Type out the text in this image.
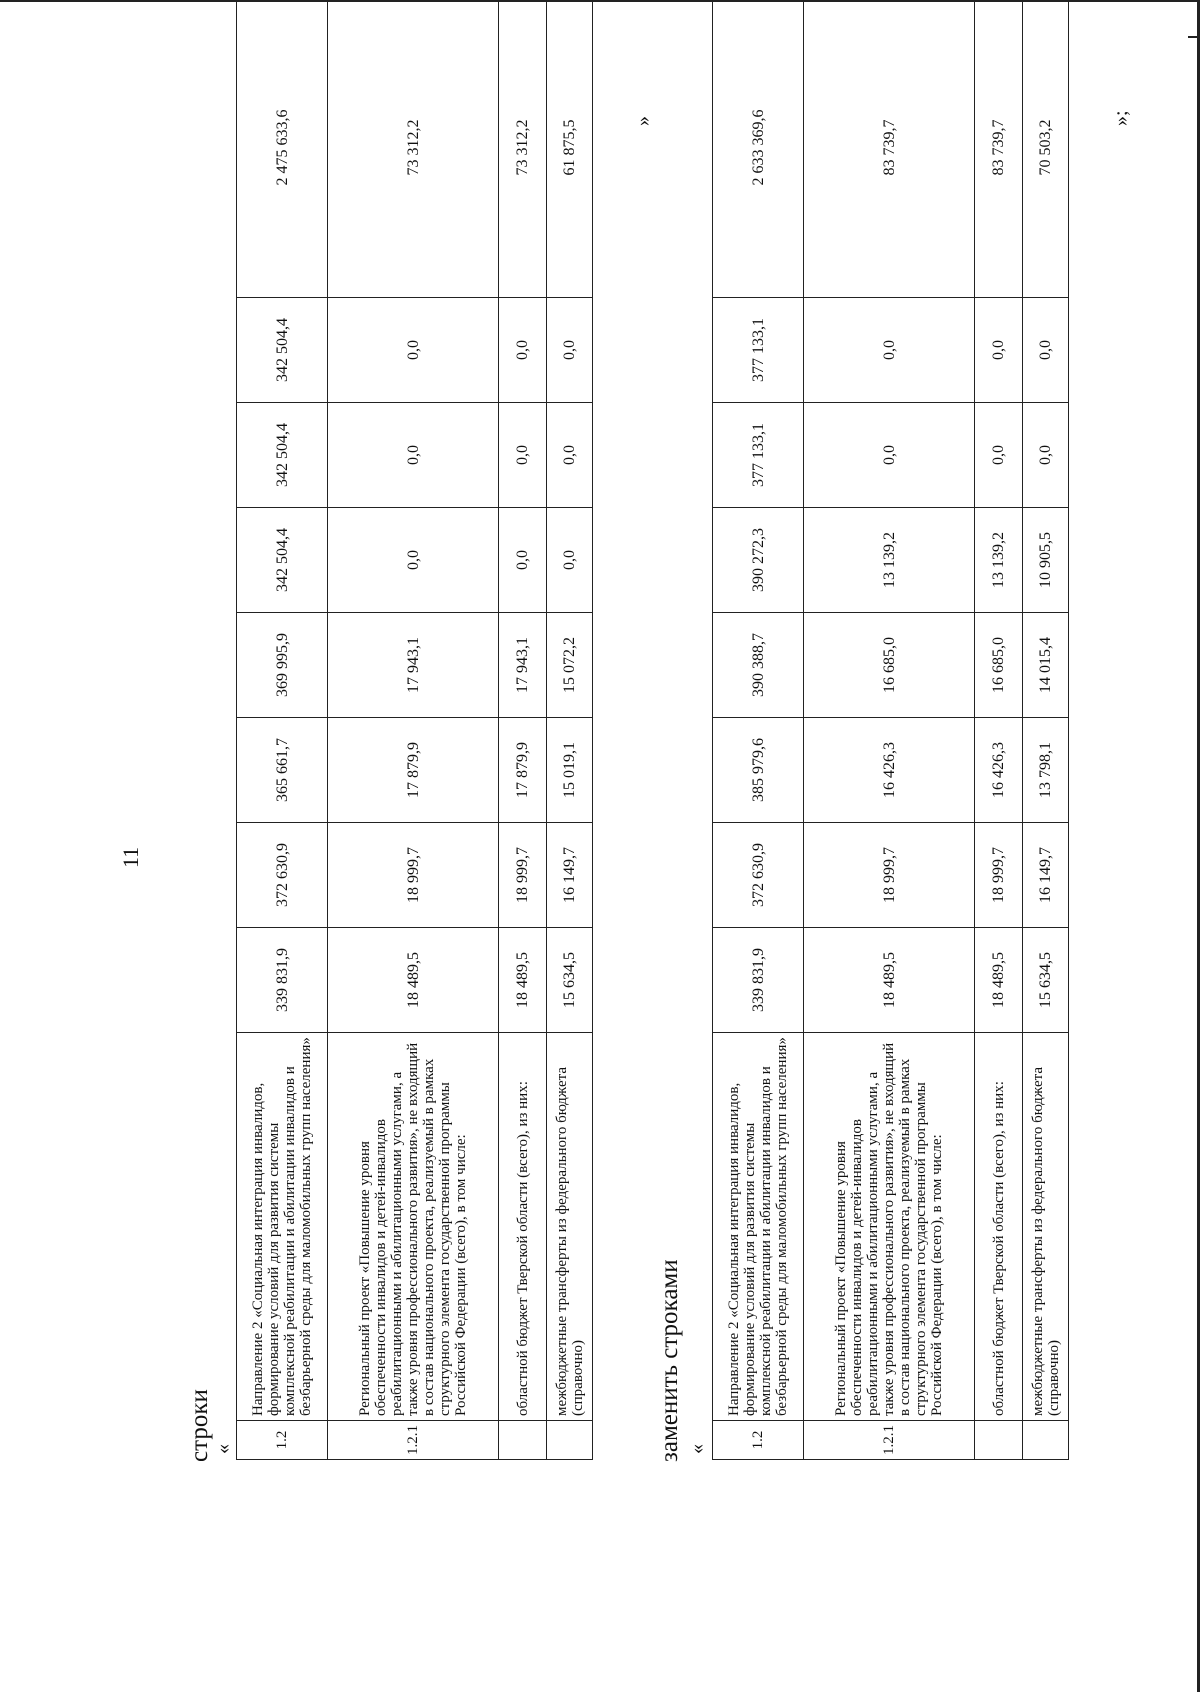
11
строки «	1.2	Направление 2 «Социальная интеграция инвалидов, формирование условий для развития системы комплексной реабилитации и абилитации инвалидов и безбарьерной среды для маломобильных групп населения»	339 831,9	372 630,9	365 661,7	369 995,9	342 504,4	342 504,4	342 504,4	2 475 633,6
1.2.1	Региональный проект «Повышение уровня обеспеченности инвалидов и детей-инвалидов реабилитационными и абилитационными услугами, а также уровня профессионального развития», не входящий в состав национального проекта, реализуемый в рамках структурного элемента государственной программы Российской Федерации (всего), в том числе:	18 489,5	18 999,7	17 879,9	17 943,1	0,0	0,0	0,0	73 312,2
	областной бюджет Тверской области (всего), из них:	18 489,5	18 999,7	17 879,9	17 943,1	0,0	0,0	0,0	73 312,2
	межбюджетные трансферты из федерального бюджета (справочно)	15 634,5	16 149,7	15 019,1	15 072,2	0,0	0,0	0,0	61 875,5	»
заменить строками «	1.2	Направление 2 «Социальная интеграция инвалидов, формирование условий для развития системы комплексной реабилитации и абилитации инвалидов и безбарьерной среды для маломобильных групп населения»	339 831,9	372 630,9	385 979,6	390 388,7	390 272,3	377 133,1	377 133,1	2 633 369,6
1.2.1	Региональный проект «Повышение уровня обеспеченности инвалидов и детей-инвалидов реабилитационными и абилитационными услугами, а также уровня профессионального развития», не входящий в состав национального проекта, реализуемый в рамках структурного элемента государственной программы Российской Федерации (всего), в том числе:	18 489,5	18 999,7	16 426,3	16 685,0	13 139,2	0,0	0,0	83 739,7
	областной бюджет Тверской области (всего), из них:	18 489,5	18 999,7	16 426,3	16 685,0	13 139,2	0,0	0,0	83 739,7
	межбюджетные трансферты из федерального бюджета (справочно)	15 634,5	16 149,7	13 798,1	14 015,4	10 905,5	0,0	0,0	70 503,2
»;
